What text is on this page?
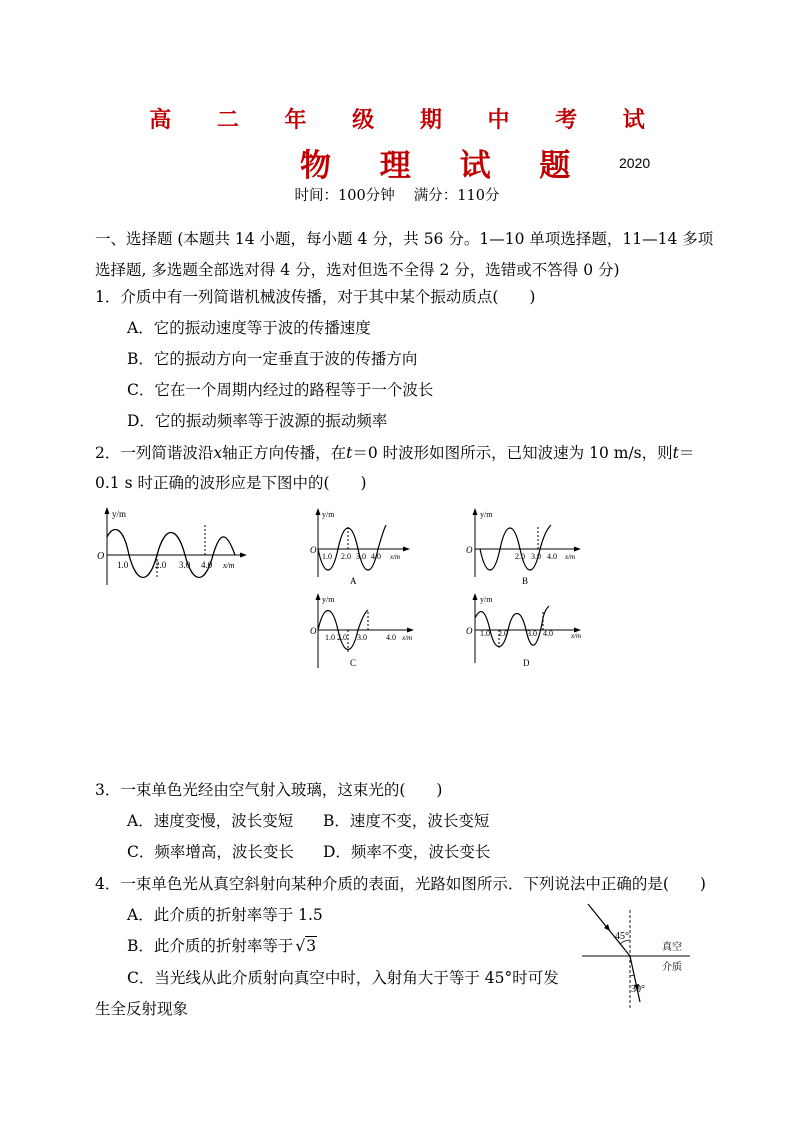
高 二 年 级 期 中 考 试
物 理 试 题 2020
时间：100分钟　 满分：110分
一、选择题 (本题共 14 小题，每小题 4 分，共 56 分。1—10 单项选择题，11—14 多项
选择题, 多选题全部选对得 4 分，选对但选不全得 2 分，选错或不答得 0 分)
1．介质中有一列简谐机械波传播，对于其中某个振动质点(　　)
A．它的振动速度等于波的传播速度
B．它的振动方向一定垂直于波的传播方向
C．它在一个周期内经过的路程等于一个波长
D．它的振动频率等于波源的振动频率
2．一列简谐波沿x轴正方向传播，在t＝0 时波形如图所示，已知波速为 10 m/s，则t＝
0.1 s 时正确的波形应是下图中的(　　)
y/m
O
1.0	2.0 3.0 4.0 x/m
y/m
O
1.0 2.0 3.0 4.0 x/m
A
y/m
O
2.0 3.0 4.0 x/m
B
y/m
O
1.0 2.0 3.0 4.0 x/m
C
y/m
O 1.0 2.0 3.0 4.0	x/m
D
3．一束单色光经由空气射入玻璃，这束光的(　　)
A．速度变慢，波长变短 B．速度不变，波长变短
C．频率增高，波长变长 D．频率不变，波长变长
4．一束单色光从真空斜射向某种介质的表面，光路如图所示．下列说法中正确的是(　　)
A．此介质的折射率等于 1.5
B．此介质的折射率等于 √3
C．当光线从此介质射向真空中时，入射角大于等于 45°时可发
生全反射现象
45°
30°
真空
介质
